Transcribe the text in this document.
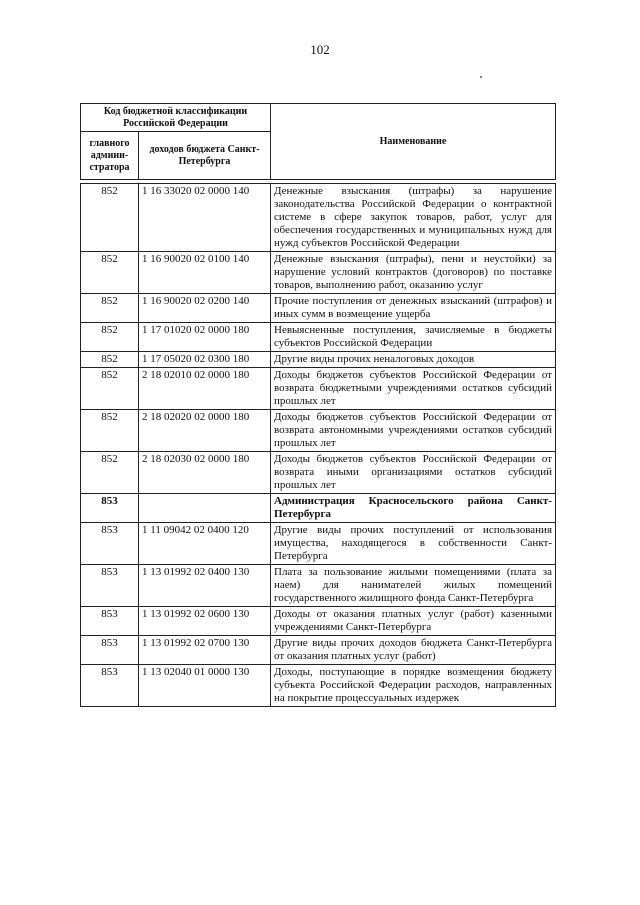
102
Код бюджетной классификации Российской Федерации		Наименование
главного админи-стратора	доходов бюджета Санкт-Петербурга	
852	1 16 33020 02 0000 140	Денежные взыскания (штрафы) за нарушение законодательства Российской Федерации о контрактной системе в сфере закупок товаров, работ, услуг для обеспечения государственных и муниципальных нужд для нужд субъектов Российской Федерации
852	1 16 90020 02 0100 140	Денежные взыскания (штрафы), пени и неустойки) за нарушение условий контрактов (договоров) по поставке товаров, выполнению работ, оказанию услуг
852	1 16 90020 02 0200 140	Прочие поступления от денежных взысканий (штрафов) и иных сумм в возмещение ущерба
852	1 17 01020 02 0000 180	Невыясненные поступления, зачисляемые в бюджеты субъектов Российской Федерации
852	1 17 05020 02 0300 180	Другие виды прочих неналоговых доходов
852	2 18 02010 02 0000 180	Доходы бюджетов субъектов Российской Федерации от возврата бюджетными учреждениями остатков субсидий прошлых лет
852	2 18 02020 02 0000 180	Доходы бюджетов субъектов Российской Федерации от возврата автономными учреждениями остатков субсидий прошлых лет
852	2 18 02030 02 0000 180	Доходы бюджетов субъектов Российской Федерации от возврата иными организациями остатков субсидий прошлых лет
853		Администрация Красносельского района Санкт-Петербурга
853	1 11 09042 02 0400 120	Другие виды прочих поступлений от использования имущества, находящегося в собственности Санкт-Петербурга
853	1 13 01992 02 0400 130	Плата за пользование жилыми помещениями (плата за наем) для нанимателей жилых помещений государственного жилищного фонда Санкт-Петербурга
853	1 13 01992 02 0600 130	Доходы от оказания платных услуг (работ) казенными учреждениями Санкт-Петербурга
853	1 13 01992 02 0700 130	Другие виды прочих доходов бюджета Санкт-Петербурга от оказания платных услуг (работ)
853	1 13 02040 01 0000 130	Доходы, поступающие в порядке возмещения бюджету субъекта Российской Федерации расходов, направленных на покрытие процессуальных издержек
